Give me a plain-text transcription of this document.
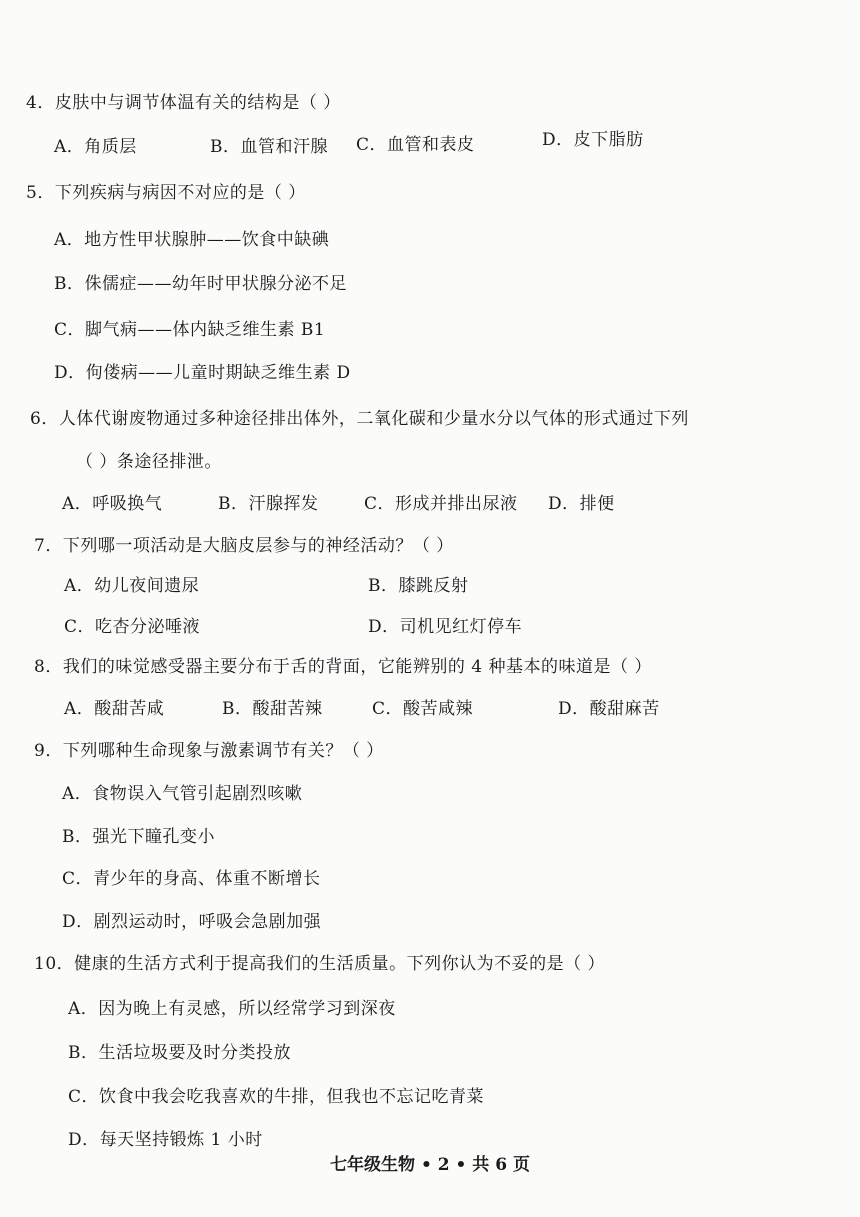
4．皮肤中与调节体温有关的结构是（ ）
A．角质层	B．血管和汗腺 C．血管和表皮	D．皮下脂肪
5．下列疾病与病因不对应的是（ ）
A．地方性甲状腺肿——饮食中缺碘
B．侏儒症——幼年时甲状腺分泌不足
C．脚气病——体内缺乏维生素 B1
D．佝偻病——儿童时期缺乏维生素 D
6．人体代谢废物通过多种途径排出体外，二氧化碳和少量水分以气体的形式通过下列
（ ）条途径排泄。
A．呼吸换气	B．汗腺挥发	C．形成并排出尿液 D．排便
7．下列哪一项活动是大脑皮层参与的神经活动？（ ）
A．幼儿夜间遗尿	B．膝跳反射
C．吃杏分泌唾液	D．司机见红灯停车
8．我们的味觉感受器主要分布于舌的背面，它能辨别的 4 种基本的味道是（ ）
A．酸甜苦咸	B．酸甜苦辣	C．酸苦咸辣	D．酸甜麻苦
9．下列哪种生命现象与激素调节有关？（ ）
A．食物误入气管引起剧烈咳嗽
B．强光下瞳孔变小
C．青少年的身高、体重不断增长
D．剧烈运动时，呼吸会急剧加强
10．健康的生活方式利于提高我们的生活质量。下列你认为不妥的是（ ）
A．因为晚上有灵感，所以经常学习到深夜
B．生活垃圾要及时分类投放
C．饮食中我会吃我喜欢的牛排，但我也不忘记吃青菜
D．每天坚持锻炼 1 小时
七年级生物 • 2 • 共 6 页
